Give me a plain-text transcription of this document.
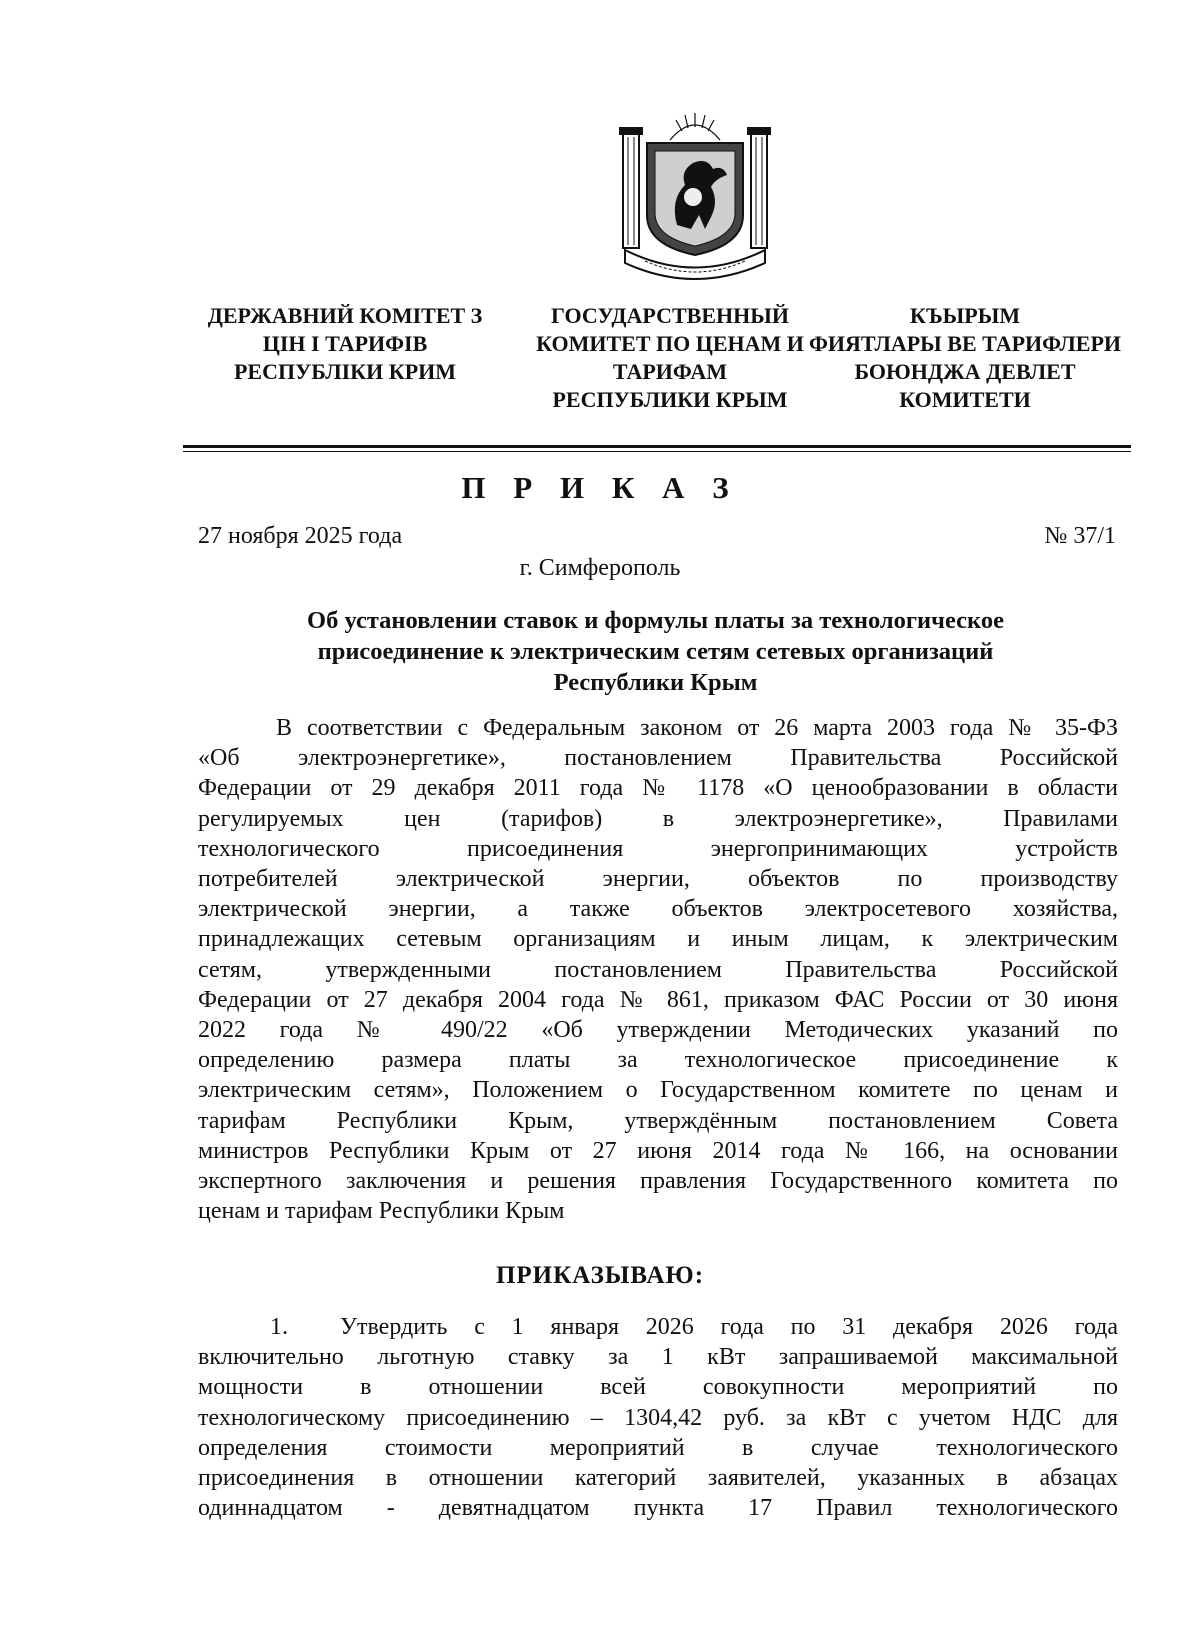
ДЕРЖАВНИЙ КОМІТЕТ З
ЦІН І ТАРИФІВ
РЕСПУБЛІКИ КРИМ
ГОСУДАРСТВЕННЫЙ
КОМИТЕТ ПО ЦЕНАМ И
ТАРИФАМ
РЕСПУБЛИКИ КРЫМ
КЪЫРЫМ
ФИЯТЛАРЫ ВЕ ТАРИФЛЕРИ
БОЮНДЖА ДЕВЛЕТ
КОМИТЕТИ
П Р И К А З
27 ноября 2025 года	№ 37/1
г. Симферополь
Об установлении ставок и формулы платы за технологическое
присоединение к электрическим сетям сетевых организаций
Республики Крым
В соответствии с Федеральным законом от 26 марта 2003 года № 35-ФЗ
«Об электроэнергетике», постановлением Правительства Российской
Федерации от 29 декабря 2011 года № 1178 «О ценообразовании в области
регулируемых цен (тарифов) в электроэнергетике», Правилами
технологического присоединения энергопринимающих устройств
потребителей электрической энергии, объектов по производству
электрической энергии, а также объектов электросетевого хозяйства,
принадлежащих сетевым организациям и иным лицам, к электрическим
сетям, утвержденными постановлением Правительства Российской
Федерации от 27 декабря 2004 года № 861, приказом ФАС России от 30 июня
2022 года № 490/22 «Об утверждении Методических указаний по
определению размера платы за технологическое присоединение к
электрическим сетям», Положением о Государственном комитете по ценам и
тарифам Республики Крым, утверждённым постановлением Совета
министров Республики Крым от 27 июня 2014 года № 166, на основании
экспертного заключения и решения правления Государственного комитета по
ценам и тарифам Республики Крым
ПРИКАЗЫВАЮ:
1. Утвердить с 1 января 2026 года по 31 декабря 2026 года
включительно льготную ставку за 1 кВт запрашиваемой максимальной
мощности в отношении всей совокупности мероприятий по
технологическому присоединению – 1304,42 руб. за кВт с учетом НДС для
определения стоимости мероприятий в случае технологического
присоединения в отношении категорий заявителей, указанных в абзацах
одиннадцатом - девятнадцатом пункта 17 Правил технологического
